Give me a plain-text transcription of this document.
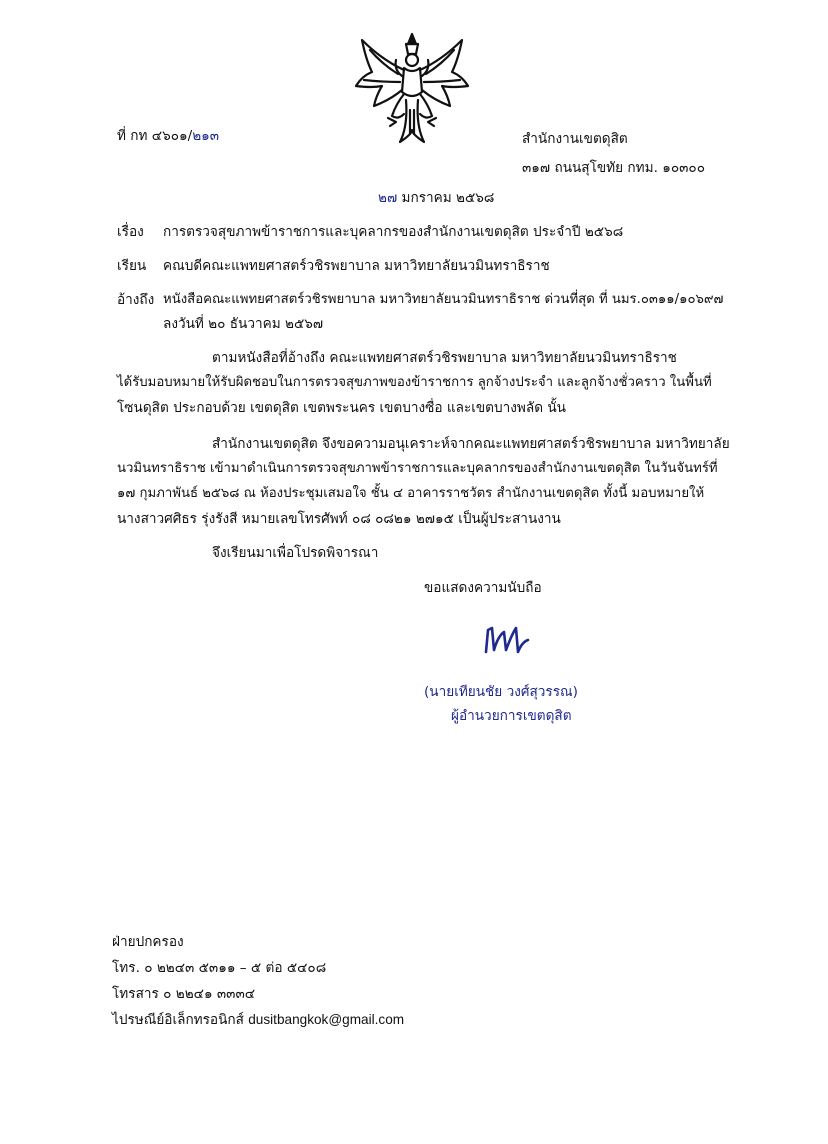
ที่ กท ๔๖๐๑/๒๑๓	สำนักงานเขตดุสิต
๓๑๗ ถนนสุโขทัย กทม. ๑๐๓๐๐
๒๗ มกราคม ๒๕๖๘
เรื่อง การตรวจสุขภาพข้าราชการและบุคลากรของสำนักงานเขตดุสิต ประจำปี ๒๕๖๘
เรียน คณบดีคณะแพทยศาสตร์วชิรพยาบาล มหาวิทยาลัยนวมินทราธิราช
อ้างถึง หนังสือคณะแพทยศาสตร์วชิรพยาบาล มหาวิทยาลัยนวมินทราธิราช ด่วนที่สุด ที่ นมร.๐๓๑๑/๑๐๖๙๗
ลงวันที่ ๒๐ ธันวาคม ๒๕๖๗
ตามหนังสือที่อ้างถึง คณะแพทยศาสตร์วชิรพยาบาล มหาวิทยาลัยนวมินทราธิราช
ได้รับมอบหมายให้รับผิดชอบในการตรวจสุขภาพของข้าราชการ ลูกจ้างประจำ และลูกจ้างชั่วคราว ในพื้นที่
โซนดุสิต ประกอบด้วย เขตดุสิต เขตพระนคร เขตบางซื่อ และเขตบางพลัด นั้น
สำนักงานเขตดุสิต จึงขอความอนุเคราะห์จากคณะแพทยศาสตร์วชิรพยาบาล มหาวิทยาลัย
นวมินทราธิราช เข้ามาดำเนินการตรวจสุขภาพข้าราชการและบุคลากรของสำนักงานเขตดุสิต ในวันจันทร์ที่
๑๗ กุมภาพันธ์ ๒๕๖๘ ณ ห้องประชุมเสมอใจ ชั้น ๔ อาคารราชวัตร สำนักงานเขตดุสิต ทั้งนี้ มอบหมายให้
นางสาวศศิธร รุ่งรังสี หมายเลขโทรศัพท์ ๐๘ ๐๘๒๑ ๒๗๑๕ เป็นผู้ประสานงาน
จึงเรียนมาเพื่อโปรดพิจารณา
ขอแสดงความนับถือ
(นายเทียนชัย วงศ์สุวรรณ)
ผู้อำนวยการเขตดุสิต
ฝ่ายปกครอง
โทร. ๐ ๒๒๔๓ ๕๓๑๑ – ๕ ต่อ ๕๔๐๘
โทรสาร ๐ ๒๒๔๑ ๓๓๓๔
ไปรษณีย์อิเล็กทรอนิกส์ dusitbangkok@gmail.com
